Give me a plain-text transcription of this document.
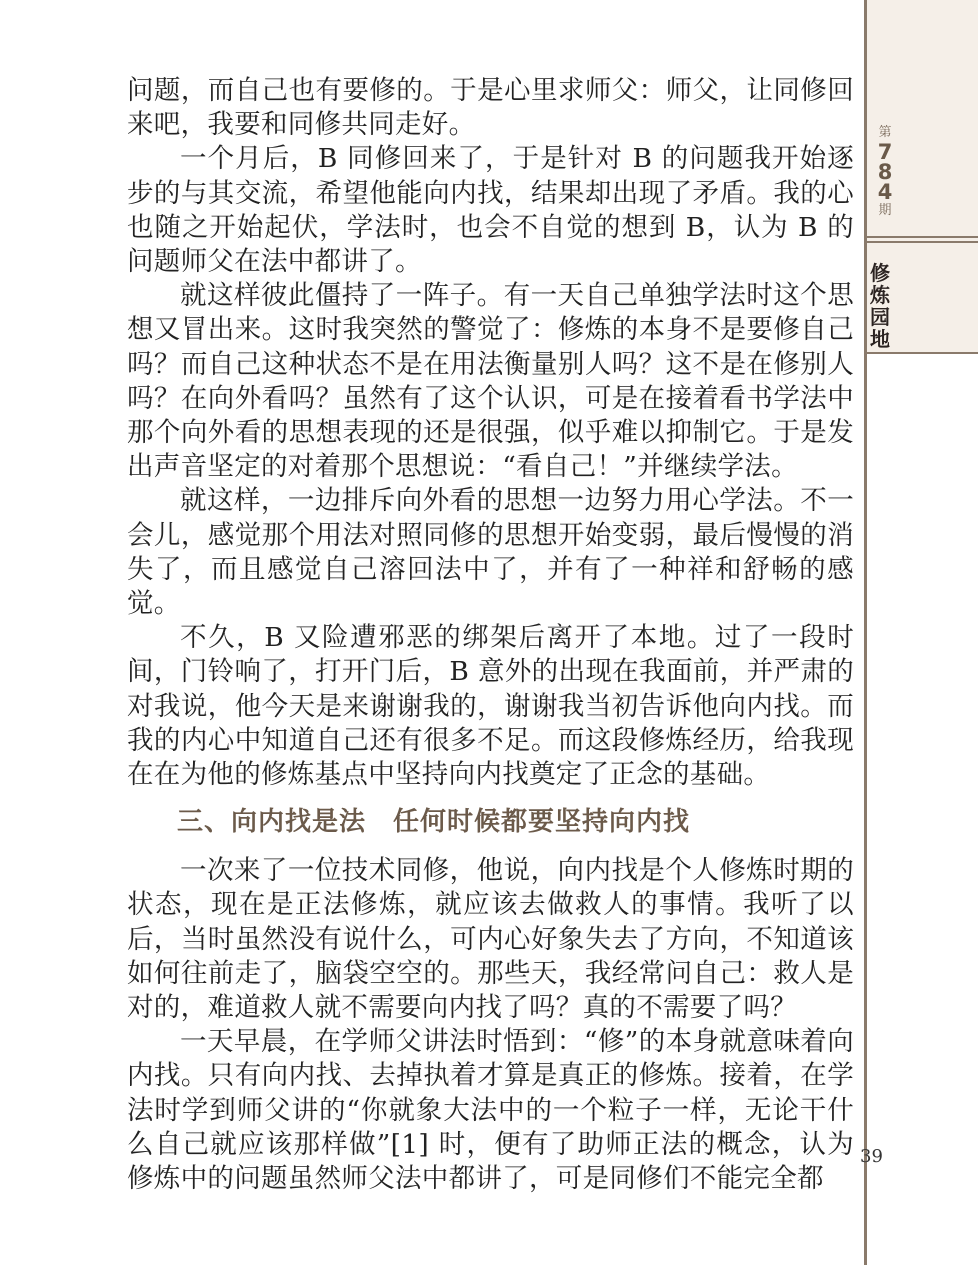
第
784
期
修炼园地

问题，而自己也有要修的。于是心里求师父：师父，让同修回来吧，我要和同修共同走好。

一个月后，B 同修回来了，于是针对 B 的问题我开始逐步的与其交流，希望他能向内找，结果却出现了矛盾。我的心也随之开始起伏，学法时，也会不自觉的想到 B，认为 B 的问题师父在法中都讲了。

就这样彼此僵持了一阵子。有一天自己单独学法时这个思想又冒出来。这时我突然的警觉了：修炼的本身不是要修自己吗？而自己这种状态不是在用法衡量别人吗？这不是在修别人吗？在向外看吗？虽然有了这个认识，可是在接着看书学法中那个向外看的思想表现的还是很强，似乎难以抑制它。于是发出声音坚定的对着那个思想说：“看自己！”并继续学法。

就这样，一边排斥向外看的思想一边努力用心学法。不一会儿，感觉那个用法对照同修的思想开始变弱，最后慢慢的消失了，而且感觉自己溶回法中了，并有了一种祥和舒畅的感觉。

不久，B 又险遭邪恶的绑架后离开了本地。过了一段时间，门铃响了，打开门后，B 意外的出现在我面前，并严肃的对我说，他今天是来谢谢我的，谢谢我当初告诉他向内找。而我的内心中知道自己还有很多不足。而这段修炼经历，给我现在在为他的修炼基点中坚持向内找奠定了正念的基础。

三、向内找是法　任何时候都要坚持向内找

一次来了一位技术同修，他说，向内找是个人修炼时期的状态，现在是正法修炼，就应该去做救人的事情。我听了以后，当时虽然没有说什么，可内心好象失去了方向，不知道该如何往前走了，脑袋空空的。那些天，我经常问自己：救人是对的，难道救人就不需要向内找了吗？真的不需要了吗？

一天早晨，在学师父讲法时悟到：“修”的本身就意味着向内找。只有向内找、去掉执着才算是真正的修炼。接着，在学法时学到师父讲的“你就象大法中的一个粒子一样，无论干什么自己就应该那样做”[1] 时，便有了助师正法的概念，认为修炼中的问题虽然师父法中都讲了，可是同修们不能完全都

39
